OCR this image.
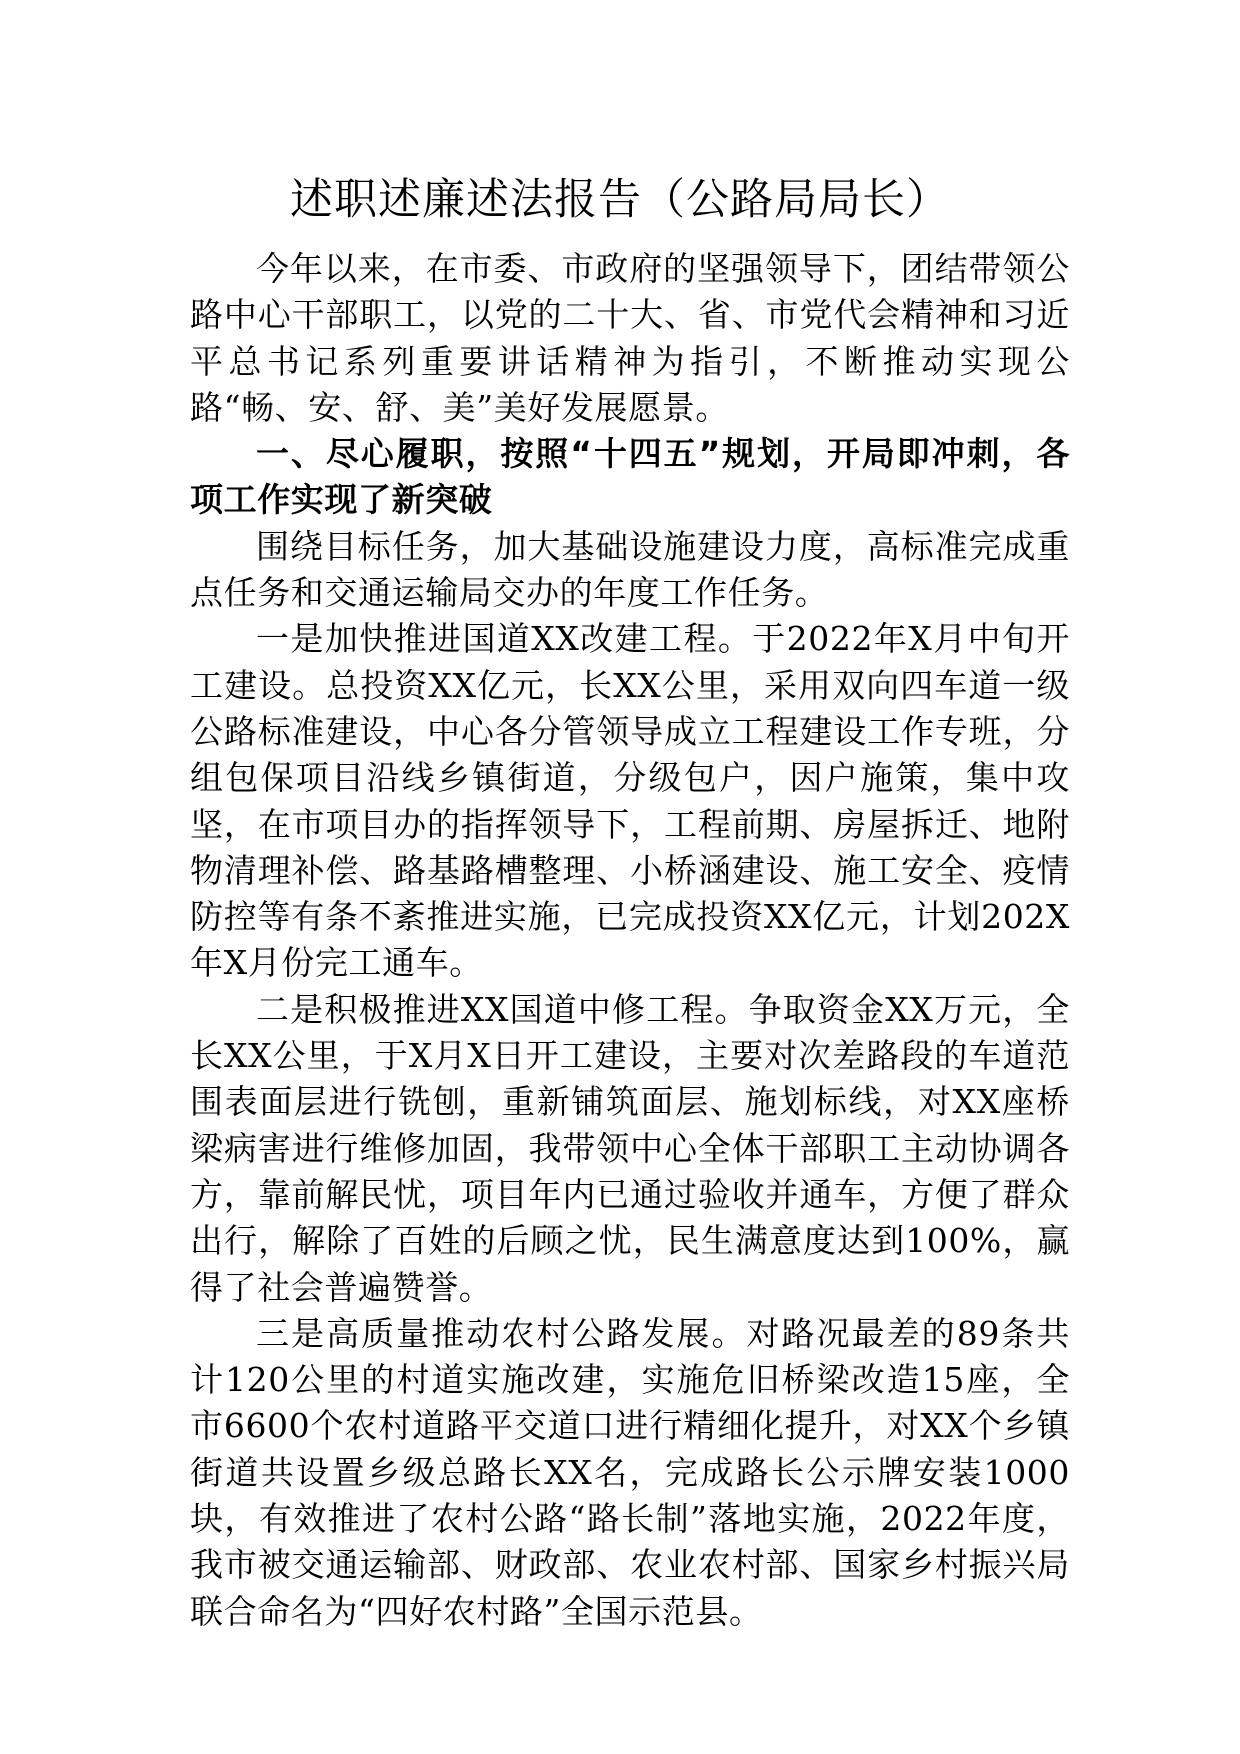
述职述廉述法报告（公路局局长）

今年以来，在市委、市政府的坚强领导下，团结带领公路中心干部职工，以党的二十大、省、市党代会精神和习近平总书记系列重要讲话精神为指引，不断推动实现公路“畅、安、舒、美”美好发展愿景。

一、尽心履职，按照“十四五”规划，开局即冲刺，各项工作实现了新突破

围绕目标任务，加大基础设施建设力度，高标准完成重点任务和交通运输局交办的年度工作任务。

一是加快推进国道XX改建工程。于2022年X月中旬开工建设。总投资XX亿元，长XX公里，采用双向四车道一级公路标准建设，中心各分管领导成立工程建设工作专班，分组包保项目沿线乡镇街道，分级包户，因户施策，集中攻坚，在市项目办的指挥领导下，工程前期、房屋拆迁、地附物清理补偿、路基路槽整理、小桥涵建设、施工安全、疫情防控等有条不紊推进实施，已完成投资XX亿元，计划202X年X月份完工通车。

二是积极推进XX国道中修工程。争取资金XX万元，全长XX公里，于X月X日开工建设，主要对次差路段的车道范围表面层进行铣刨，重新铺筑面层、施划标线，对XX座桥梁病害进行维修加固，我带领中心全体干部职工主动协调各方，靠前解民忧，项目年内已通过验收并通车，方便了群众出行，解除了百姓的后顾之忧，民生满意度达到100%，赢得了社会普遍赞誉。

三是高质量推动农村公路发展。对路况最差的89条共计120公里的村道实施改建，实施危旧桥梁改造15座，全市6600个农村道路平交道口进行精细化提升，对XX个乡镇街道共设置乡级总路长XX名，完成路长公示牌安装1000块，有效推进了农村公路“路长制”落地实施，2022年度，我市被交通运输部、财政部、农业农村部、国家乡村振兴局联合命名为“四好农村路”全国示范县。
